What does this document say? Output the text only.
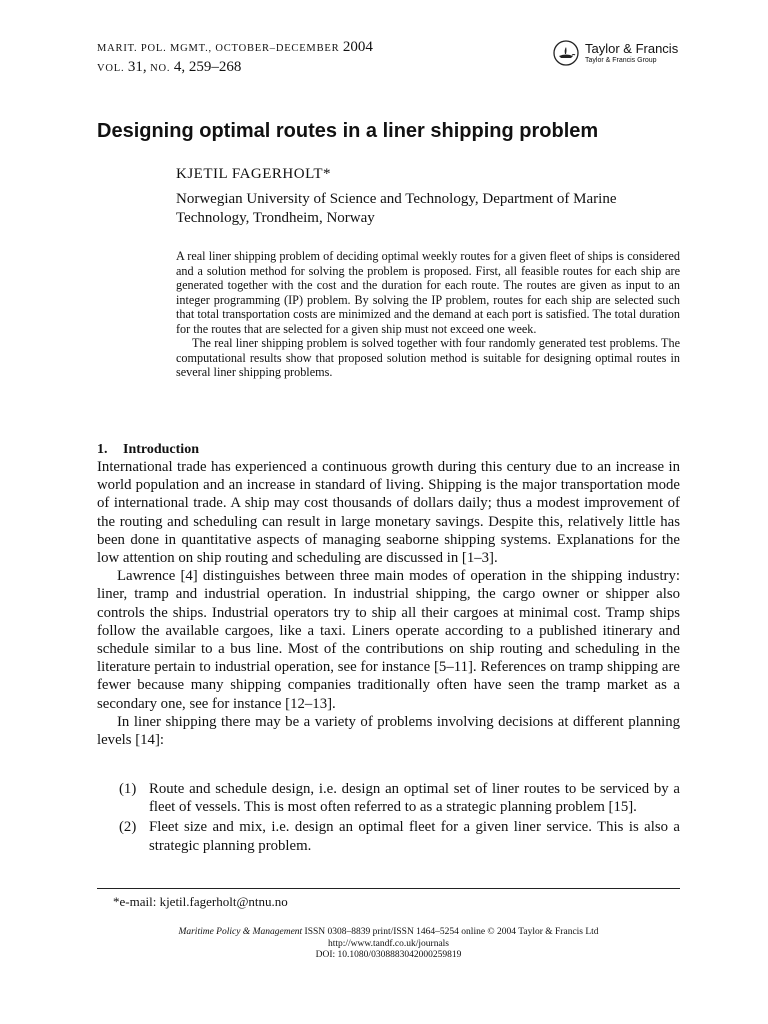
MARIT. POL. MGMT., OCTOBER–DECEMBER 2004
VOL. 31, NO. 4, 259–268
Taylor & Francis
Taylor & Francis Group
Designing optimal routes in a liner shipping problem
KJETIL FAGERHOLT*
Norwegian University of Science and Technology, Department of Marine Technology, Trondheim, Norway

A real liner shipping problem of deciding optimal weekly routes for a given fleet of ships is considered and a solution method for solving the problem is proposed. First, all feasible routes for each ship are generated together with the cost and the duration for each route. The routes are given as input to an integer programming (IP) problem. By solving the IP problem, routes for each ship are selected such that total transportation costs are minimized and the demand at each port is satisfied. The total duration for the routes that are selected for a given ship must not exceed one week.

The real liner shipping problem is solved together with four randomly generated test problems. The computational results show that proposed solution method is suitable for designing optimal routes in several liner shipping problems.

1. Introduction

International trade has experienced a continuous growth during this century due to an increase in world population and an increase in standard of living. Shipping is the major transportation mode of international trade. A ship may cost thousands of dollars daily; thus a modest improvement of the routing and scheduling can result in large monetary savings. Despite this, relatively little has been done in quantitative aspects of managing seaborne shipping systems. Explanations for the low attention on ship routing and scheduling are discussed in [1–3].

Lawrence [4] distinguishes between three main modes of operation in the shipping industry: liner, tramp and industrial operation. In industrial shipping, the cargo owner or shipper also controls the ships. Industrial operators try to ship all their cargoes at minimal cost. Tramp ships follow the available cargoes, like a taxi. Liners operate according to a published itinerary and schedule similar to a bus line. Most of the contributions on ship routing and scheduling in the literature pertain to industrial operation, see for instance [5–11]. References on tramp shipping are fewer because many shipping companies traditionally often have seen the tramp market as a secondary one, see for instance [12–13].

In liner shipping there may be a variety of problems involving decisions at different planning levels [14]:

(1) Route and schedule design, i.e. design an optimal set of liner routes to be serviced by a fleet of vessels. This is most often referred to as a strategic planning problem [15].
(2) Fleet size and mix, i.e. design an optimal fleet for a given liner service. This is also a strategic planning problem.
*e-mail: kjetil.fagerholt@ntnu.no
Maritime Policy & Management ISSN 0308–8839 print/ISSN 1464–5254 online © 2004 Taylor & Francis Ltd
http://www.tandf.co.uk/journals
DOI: 10.1080/0308883042000259819
